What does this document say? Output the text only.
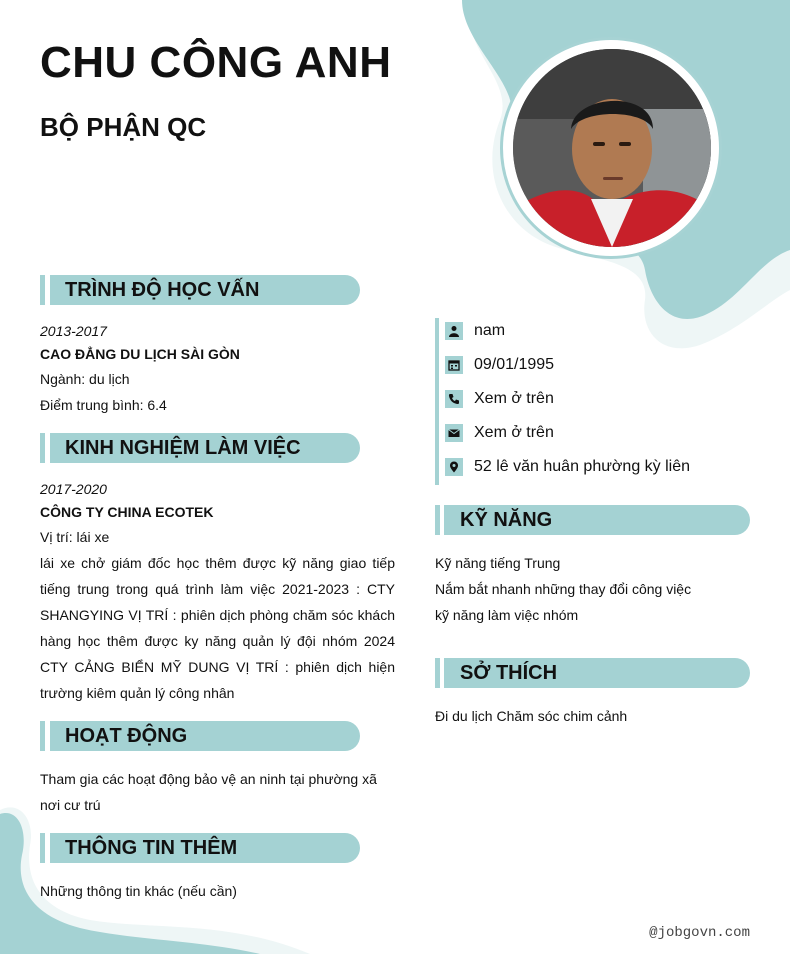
CHU CÔNG ANH
BỘ PHẬN QC
TRÌNH ĐỘ HỌC VẤN
2013-2017
CAO ĐẲNG DU LỊCH SÀI GÒN
Ngành: du lịch
Điểm trung bình: 6.4
KINH NGHIỆM LÀM VIỆC
2017-2020
CÔNG TY CHINA ECOTEK
Vị trí: lái xe
lái xe chở giám đốc học thêm được kỹ năng giao tiếp tiếng trung trong quá trình làm việc 2021-2023 : CTY SHANGYING VỊ TRÍ : phiên dịch phòng chăm sóc khách hàng học thêm được ky năng quản lý đội nhóm 2024 CTY CẢNG BIỂN MỸ DUNG VỊ TRÍ : phiên dịch hiện trường kiêm quản lý công nhân
HOẠT ĐỘNG
Tham gia các hoạt động bảo vệ an ninh tại phường xã nơi cư trú
THÔNG TIN THÊM
Những thông tin khác (nếu cần)
nam
09/01/1995
Xem ở trên
Xem ở trên
52 lê văn huân phường kỳ liên
KỸ NĂNG
Kỹ năng tiếng Trung
Nắm bắt nhanh những thay đổi công việc
kỹ năng làm việc nhóm
SỞ THÍCH
Đi du lịch Chăm sóc chim cảnh
@jobgovn.com
